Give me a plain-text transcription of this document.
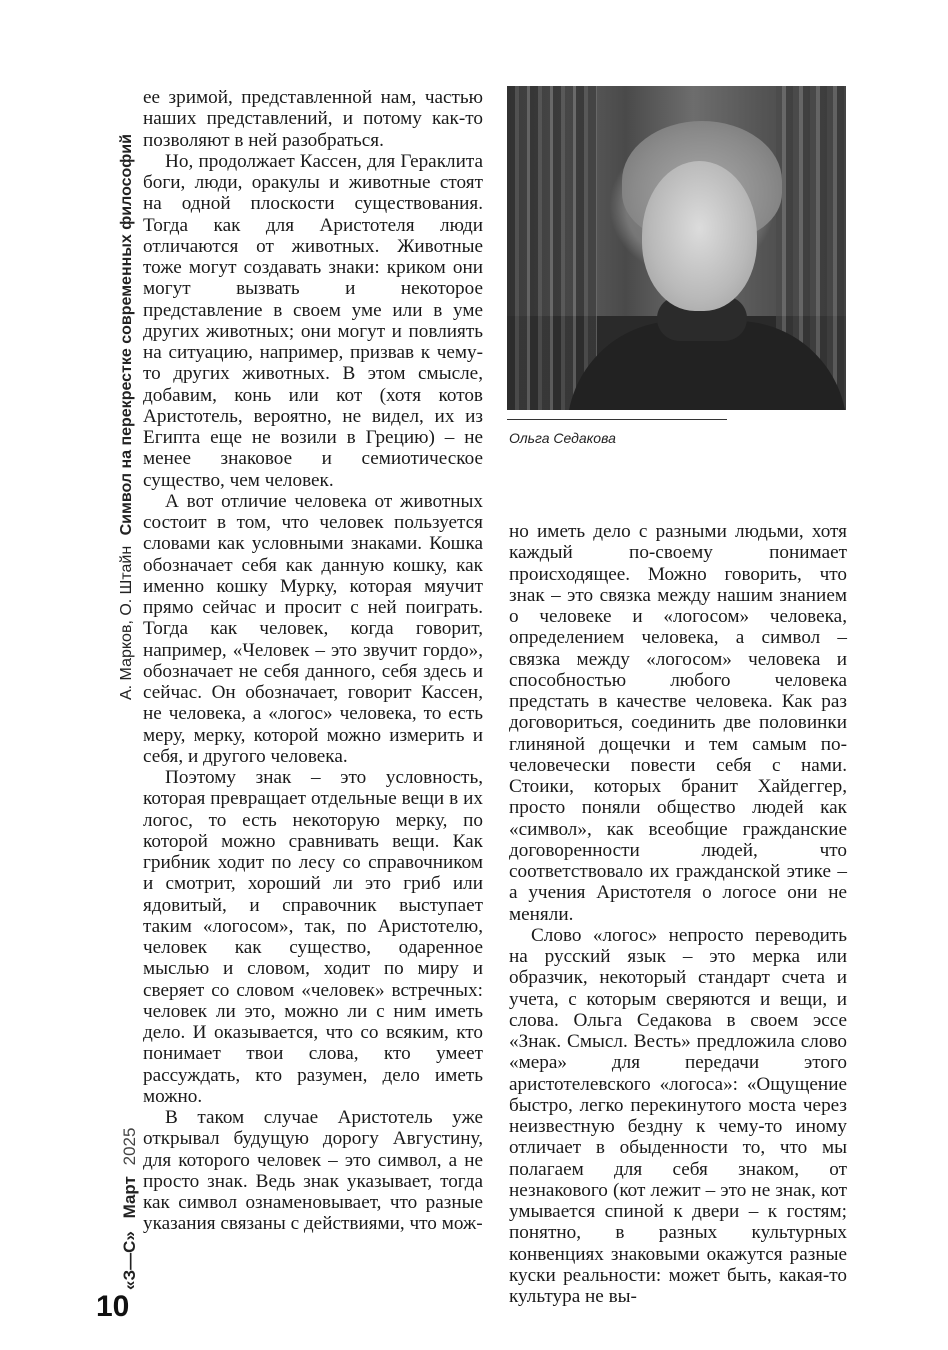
А. Марков, О. Штайн Символ на перекрестке современных философий
«З—С» Март 2025
10

ее зримой, представленной нам, частью наших представлений, и потому как-то позволяют в ней разобраться.

Но, продолжает Кассен, для Гераклита боги, люди, оракулы и животные стоят на одной плоскости существования. Тогда как для Аристотеля люди отличаются от животных. Животные тоже могут создавать знаки: криком они могут вызвать и некоторое представление в своем уме или в уме других животных; они могут и повлиять на ситуацию, например, призвав к чему-то других животных. В этом смысле, добавим, конь или кот (хотя котов Аристотель, вероятно, не видел, их из Египта еще не возили в Грецию) – не менее знаковое и семиотическое существо, чем человек.

А вот отличие человека от животных состоит в том, что человек пользуется словами как условными знаками. Кошка обозначает себя как данную кошку, как именно кошку Мурку, которая мяучит прямо сейчас и просит с ней поиграть. Тогда как человек, когда говорит, например, «Человек – это звучит гордо», обозначает не себя данного, себя здесь и сейчас. Он обозначает, говорит Кассен, не человека, а «логос» человека, то есть меру, мерку, которой можно измерить и себя, и другого человека.

Поэтому знак – это условность, которая превращает отдельные вещи в их логос, то есть некоторую мерку, по которой можно сравнивать вещи. Как грибник ходит по лесу со справочником и смотрит, хороший ли это гриб или ядовитый, и справочник выступает таким «логосом», так, по Аристотелю, человек как существо, одаренное мыслью и словом, ходит по миру и сверяет со словом «человек» встречных: человек ли это, можно ли с ним иметь дело. И оказывается, что со всяким, кто понимает твои слова, кто умеет рассуждать, кто разумен, дело иметь можно.

В таком случае Аристотель уже открывал будущую дорогу Августину, для которого человек – это символ, а не просто знак. Ведь знак указывает, тогда как символ ознаменовывает, что разные указания связаны с действиями, что мож-

Ольга Седакова

но иметь дело с разными людьми, хотя каждый по-своему понимает происходящее. Можно говорить, что знак – это связка между нашим знанием о человеке и «логосом» человека, определением человека, а символ – связка между «логосом» человека и способностью любого человека предстать в качестве человека. Как раз договориться, соединить две половинки глиняной дощечки и тем самым по-человечески повести себя с нами. Стоики, которых бранит Хайдеггер, просто поняли общество людей как «символ», как всеобщие гражданские договоренности людей, что соответствовало их гражданской этике – а учения Аристотеля о логосе они не меняли.

Слово «логос» непросто переводить на русский язык – это мерка или образчик, некоторый стандарт счета и учета, с которым сверяются и вещи, и слова. Ольга Седакова в своем эссе «Знак. Смысл. Весть» предложила слово «мера» для передачи этого аристотелевского «логоса»: «Ощущение быстро, легко перекинутого моста через неизвестную бездну к чему-то иному отличает в обыденности то, что мы полагаем для себя знаком, от незнакового (кот лежит – это не знак, кот умывается спиной к двери – к гостям; понятно, в разных культурных конвенциях знаковыми окажутся разные куски реальности: может быть, какая-то культура не вы-
